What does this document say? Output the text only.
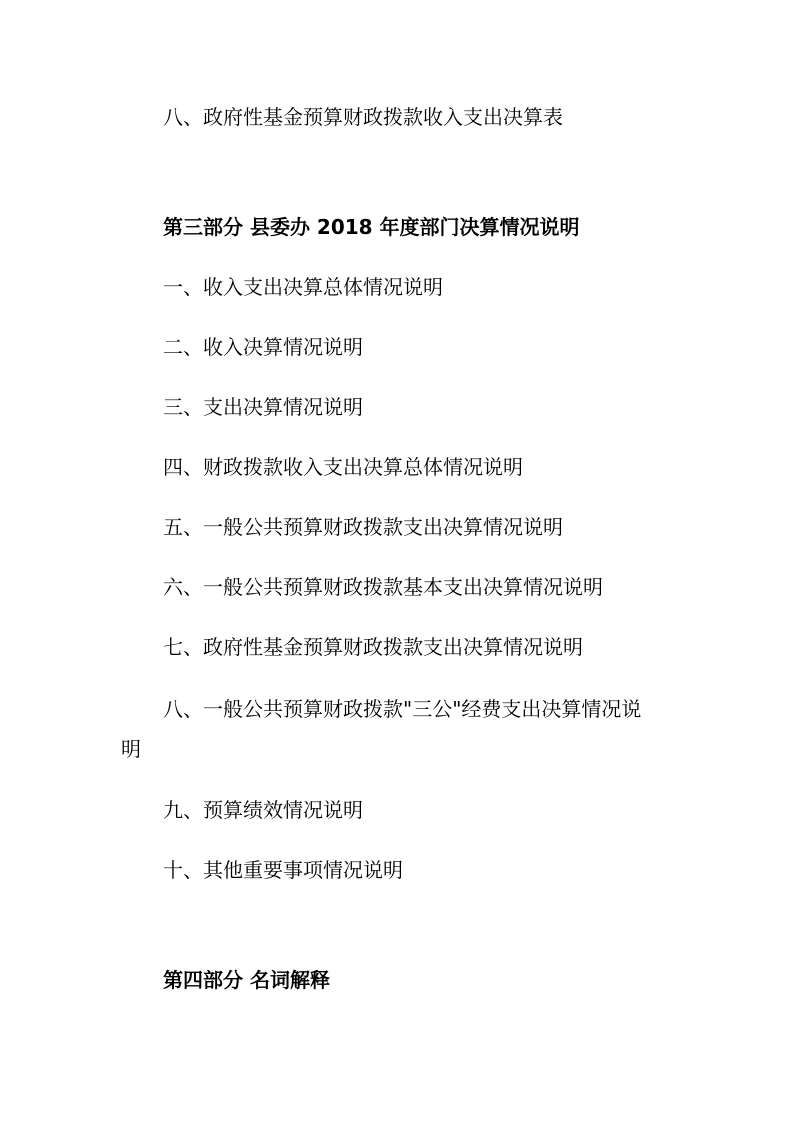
八、政府性基金预算财政拨款收入支出决算表

第三部分 县委办 2018 年度部门决算情况说明

一、收入支出决算总体情况说明

二、收入决算情况说明

三、支出决算情况说明

四、财政拨款收入支出决算总体情况说明

五、一般公共预算财政拨款支出决算情况说明

六、一般公共预算财政拨款基本支出决算情况说明

七、政府性基金预算财政拨款支出决算情况说明

八、一般公共预算财政拨款"三公"经费支出决算情况说

明

九、预算绩效情况说明

十、其他重要事项情况说明

第四部分 名词解释
